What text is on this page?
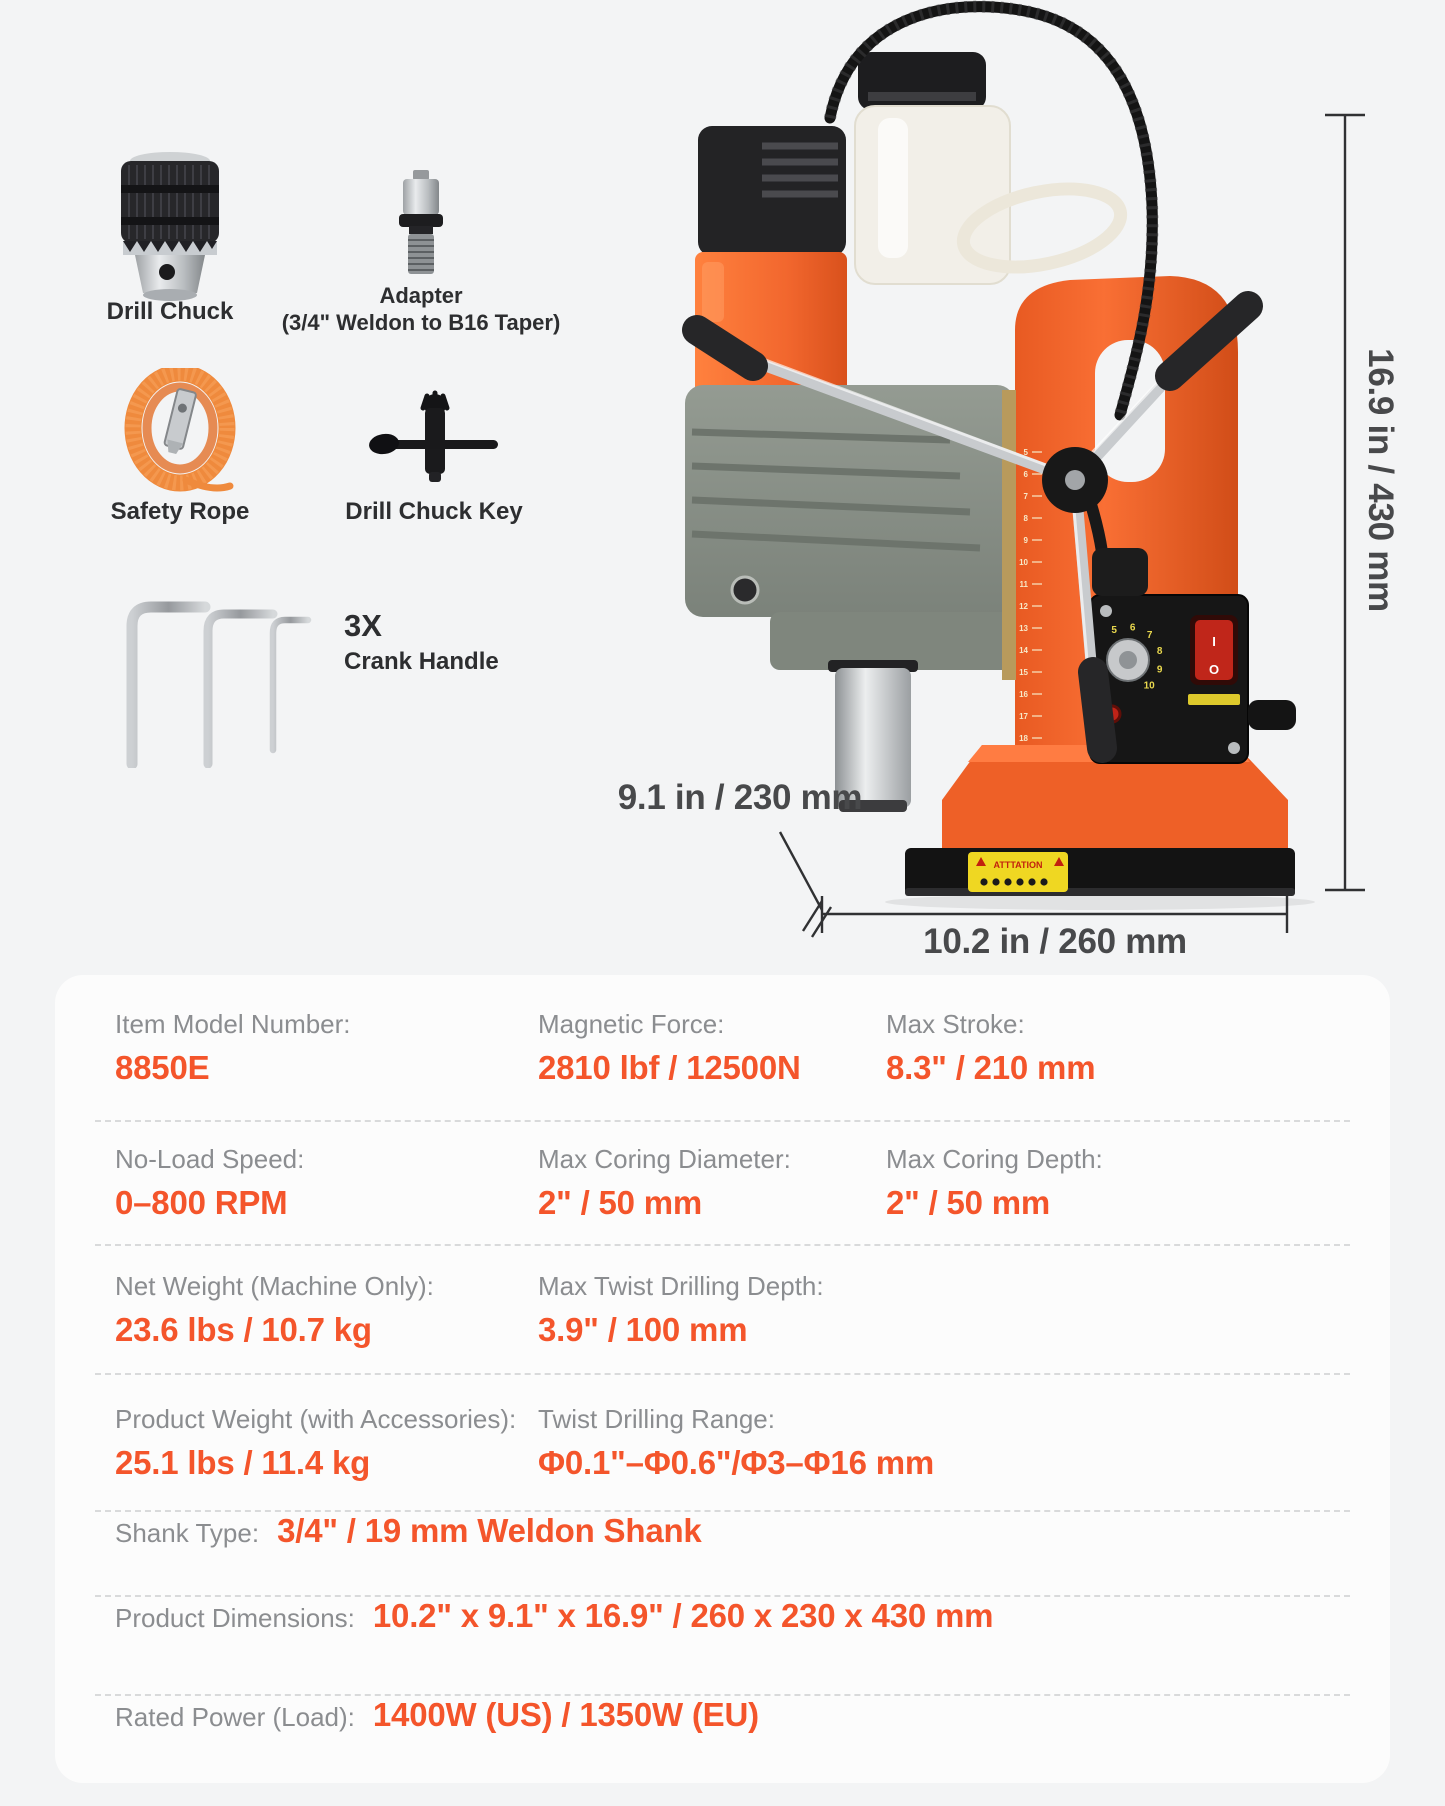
Drill Chuck
Adapter
(3/4" Weldon to B16 Taper)
Safety Rope	Drill Chuck Key
3X
Crank Handle
5
6
7
8
9
10
11
12
13
14
15
16
17
18
ATTTATION
5 6
7
8
9
10
I
O
9.1 in / 230 mm
10.2 in / 260 mm
16.9 in / 430 mm
Item Model Number:
8850E
Magnetic Force:
2810 lbf / 12500N
Max Stroke:
8.3" / 210 mm
No-Load Speed:
0–800 RPM
Max Coring Diameter:
2" / 50 mm
Max Coring Depth:
2" / 50 mm
Net Weight (Machine Only):
23.6 lbs / 10.7 kg
Max Twist Drilling Depth:
3.9" / 100 mm
Product Weight (with Accessories):
25.1 lbs / 11.4 kg
Twist Drilling Range:
Φ0.1"–Φ0.6"/Φ3–Φ16 mm
Shank Type: 3/4" / 19 mm Weldon Shank
Product Dimensions: 10.2" x 9.1" x 16.9" / 260 x 230 x 430 mm
Rated Power (Load): 1400W (US) / 1350W (EU)
